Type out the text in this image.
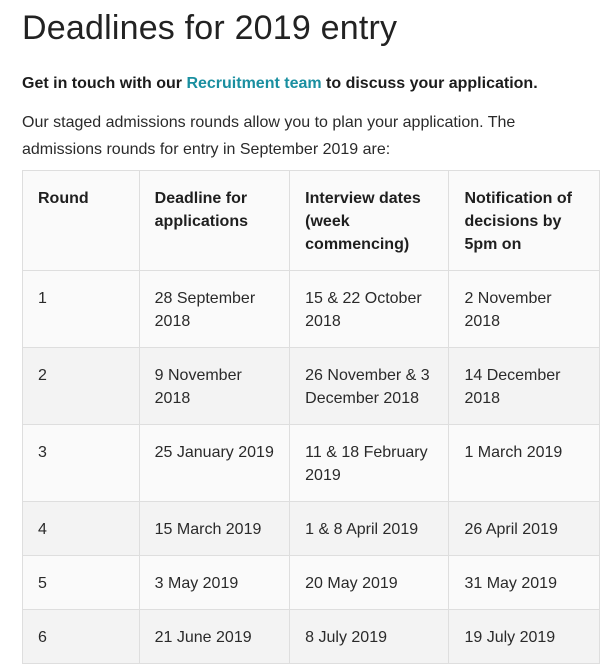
Deadlines for 2019 entry

Get in touch with our Recruitment team to discuss your application.

Our staged admissions rounds allow you to plan your application. The admissions rounds for entry in September 2019 are:

Round	Deadline for applications	Interview dates (week commencing)	Notification of decisions by 5pm on
1	28 September 2018	15 & 22 October 2018	2 November 2018
2	9 November 2018	26 November & 3 December 2018	14 December 2018
3	25 January 2019	11 & 18 February 2019	1 March 2019
4	15 March 2019	1 & 8 April 2019	26 April 2019
5	3 May 2019	20 May 2019	31 May 2019
6	21 June 2019	8 July 2019	19 July 2019
